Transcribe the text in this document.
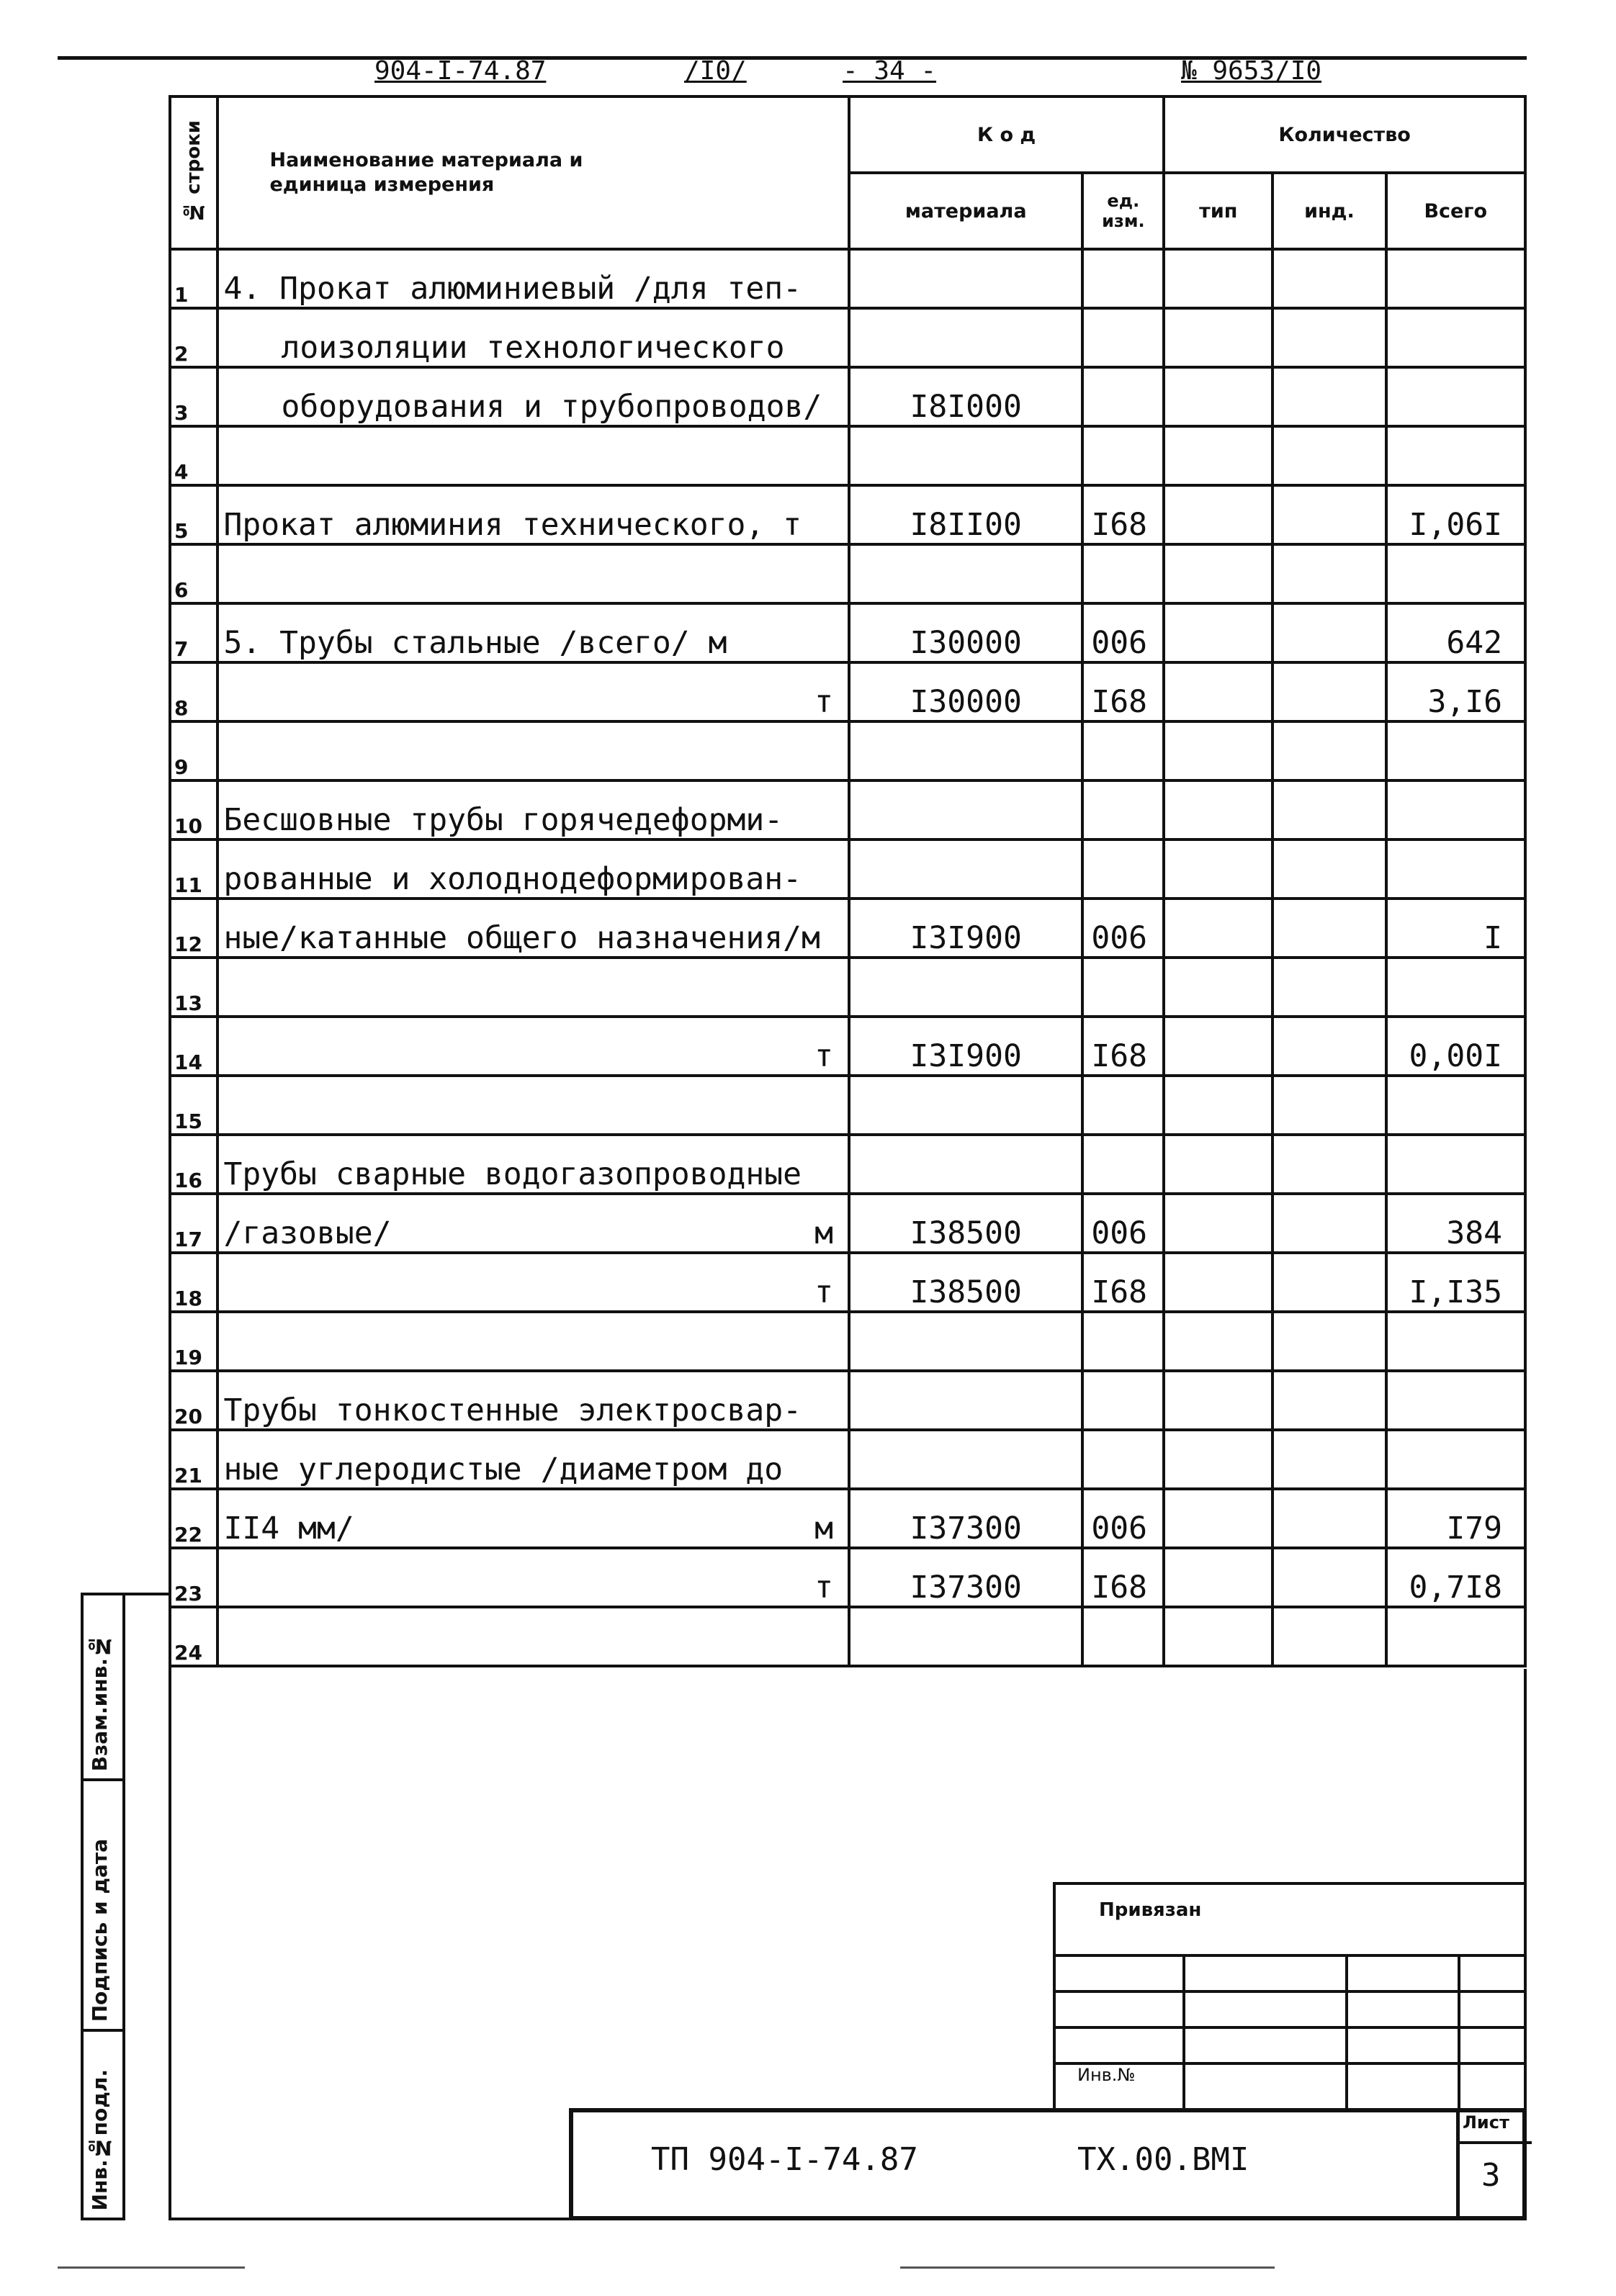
904-I-74.87	/I0/	- 34 -	№ 9653/I0
№ строки	Наименование материала и единица измерения	К о д		Количество		
		материала	ед. изм.	тип	инд.	Всего
1	4. Прокат алюминиевый /для теп-					
2	лоизоляции технологического					
3	оборудования и трубопроводов/	I8I000				
4						
5	Прокат алюминия технического, т	I8II00	I68			I,06I
6						
7	5. Трубы стальные /всего/ м	I30000	006			642
8	т	I30000	I68			3,I6
9						
10	Бесшовные трубы горячедеформи-					
11	рованные и холоднодеформирован-					
12	ные/катанные общего назначения/м	I3I900	006			I
13						
14	т	I3I900	I68			0,00I
15						
16	Трубы сварные водогазопроводные					
17	/газовые/ м	I38500	006			384
18	т	I38500	I68			I,I35
19						
20	Трубы тонкостенные электросвар-					
21	ные углеродистые /диаметром до					
22	II4 мм/ м	I37300	006			I79
23	т	I37300	I68			0,7I8
24						
Взам.инв.№
Подпись и дата
Инв.№подл.
Привязан
Инв.№
ТП 904-I-74.87	ТХ.00.ВМI
Лист
3
